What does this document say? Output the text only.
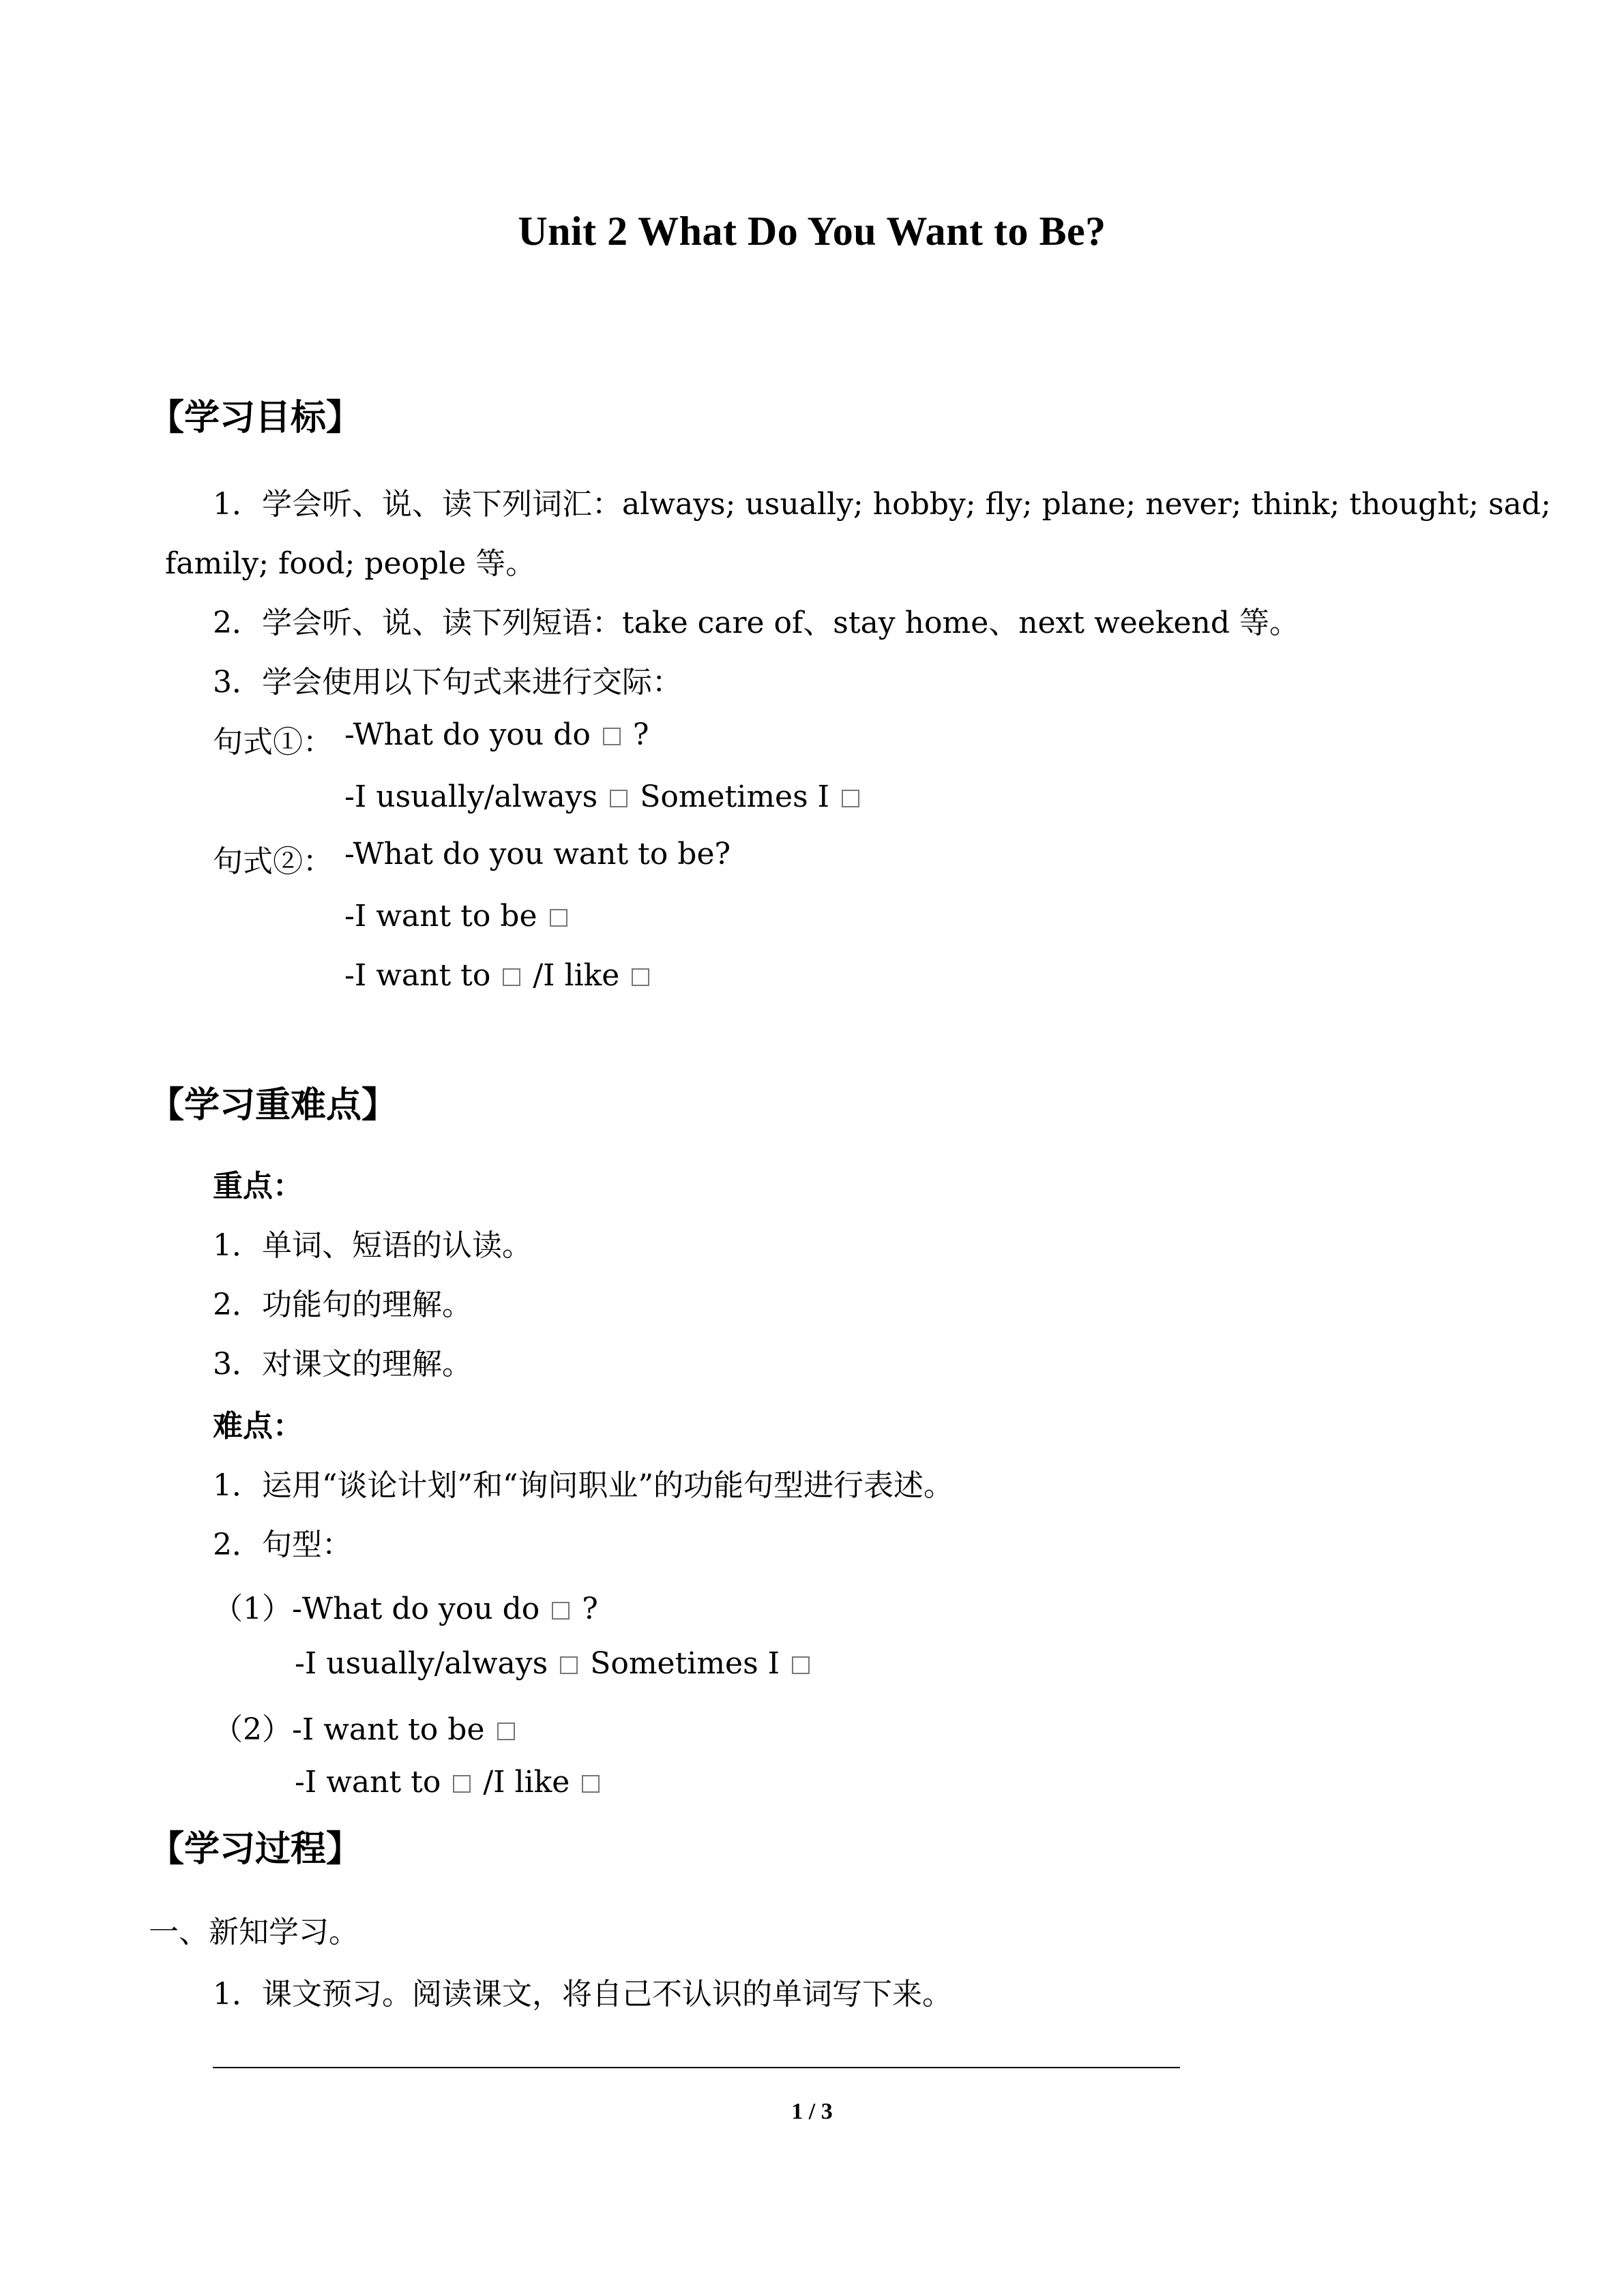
Unit 2 What Do You Want to Be?
【学习目标】
1．学会听、说、读下列词汇：always; usually; hobby; fly; plane; never; think; thought; sad;
family; food; people 等。
2．学会听、说、读下列短语：take care of、stay home、next weekend 等。
3．学会使用以下句式来进行交际：
句式①： -What do you do ?
-I usually/always Sometimes I
句式②： -What do you want to be?
-I want to be
-I want to /I like
【学习重难点】
重点：
1．单词、短语的认读。
2．功能句的理解。
3．对课文的理解。
难点：
1．运用“谈论计划”和“询问职业”的功能句型进行表述。
2．句型：
（1）-What do you do ?
-I usually/always Sometimes I
（2）-I want to be
-I want to /I like
【学习过程】
一、新知学习。
1．课文预习。阅读课文，将自己不认识的单词写下来。
1 / 3
